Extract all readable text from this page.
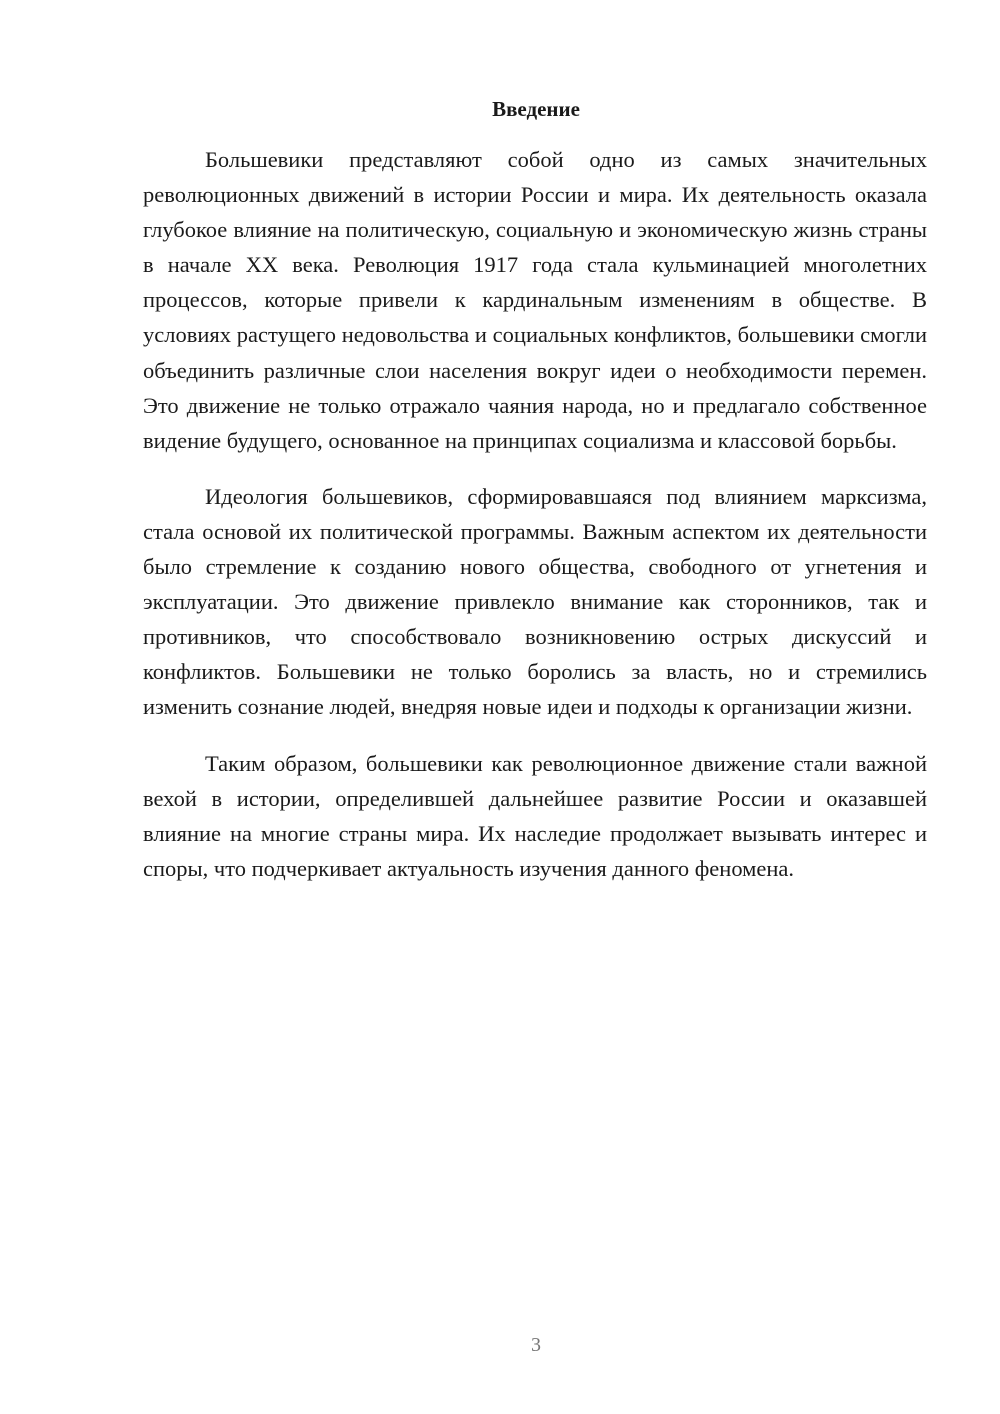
Введение

Большевики представляют собой одно из самых значительных революционных движений в истории России и мира. Их деятельность оказала глубокое влияние на политическую, социальную и экономическую жизнь страны в начале XX века. Революция 1917 года стала кульминацией многолетних процессов, которые привели к кардинальным изменениям в обществе. В условиях растущего недовольства и социальных конфликтов, большевики смогли объединить различные слои населения вокруг идеи о необходимости перемен. Это движение не только отражало чаяния народа, но и предлагало собственное видение будущего, основанное на принципах социализма и классовой борьбы.

Идеология большевиков, сформировавшаяся под влиянием марксизма, стала основой их политической программы. Важным аспектом их деятельности было стремление к созданию нового общества, свободного от угнетения и эксплуатации. Это движение привлекло внимание как сторонников, так и противников, что способствовало возникновению острых дискуссий и конфликтов. Большевики не только боролись за власть, но и стремились изменить сознание людей, внедряя новые идеи и подходы к организации жизни.

Таким образом, большевики как революционное движение стали важной вехой в истории, определившей дальнейшее развитие России и оказавшей влияние на многие страны мира. Их наследие продолжает вызывать интерес и споры, что подчеркивает актуальность изучения данного феномена.

3
